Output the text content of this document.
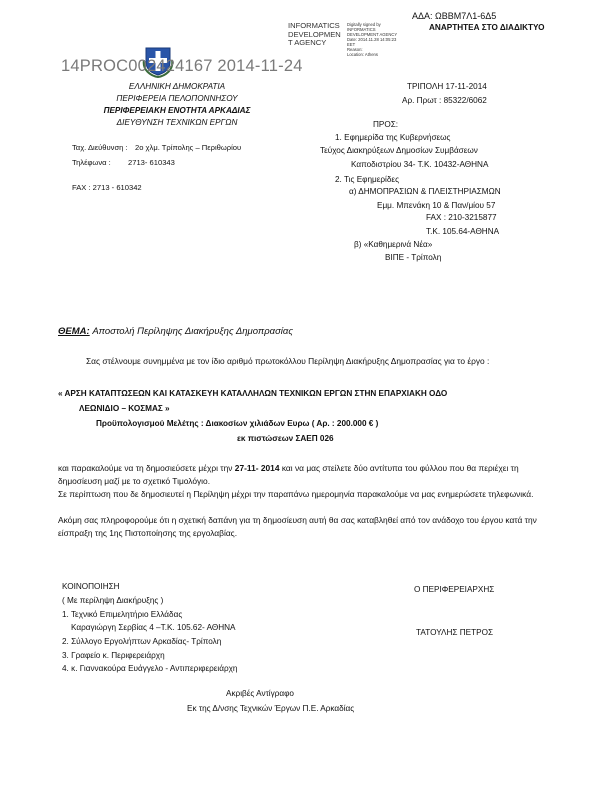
ΑΔΑ: ΩΒΒΜ7Λ1-6Δ5
ΑΝΑΡΤΗΤΕΑ ΣΤΟ ΔΙΑΔΙΚΤΥΟ
INFORMATICS
DEVELOPMEN
T AGENCY
Digitally signed by
INFORMATICS
DEVELOPMENT AGENCY
Date: 2014.11.28 14:05:23
EET
Reason:
Location: Athens
14PROC002424167 2014-11-24
ΕΛΛΗΝΙΚΗ ΔΗΜΟΚΡΑΤΙΑ
ΠΕΡΙΦΕΡΕΙΑ ΠΕΛΟΠΟΝΝΗΣΟΥ
ΠΕΡΙΦΕΡΕΙΑΚΗ ΕΝΟΤΗΤΑ ΑΡΚΑΔΙΑΣ
ΔΙΕΥΘΥΝΣΗ ΤΕΧΝΙΚΩΝ ΕΡΓΩΝ
Ταχ. Διεύθυνση : 2ο χλμ. Τρίπολης – Περιθωρίου
Τηλέφωνα : 2713- 610343
FAX : 2713 - 610342
ΤΡΙΠΟΛΗ 17-11-2014
Αρ. Πρωτ : 85322/6062
ΠΡΟΣ:
1. Εφημερίδα της Κυβερνήσεως
Τεύχος Διακηρύξεων Δημοσίων Συμβάσεων
Καποδιστρίου 34- Τ.Κ. 10432-ΑΘΗΝΑ
2. Τις Εφημερίδες
α) ΔΗΜΟΠΡΑΣΙΩΝ & ΠΛΕΙΣΤΗΡΙΑΣΜΩΝ
Εμμ. Μπενάκη 10 & Παν/μίου 57
FAX : 210-3215877
Τ.Κ. 105.64-ΑΘΗΝΑ
β) «Καθημερινά Νέα»
ΒΙΠΕ - Τρίπολη
ΘΕΜΑ: Αποστολή Περίληψης Διακήρυξης Δημοπρασίας
Σας στέλνουμε συνημμένα με τον ίδιο αριθμό πρωτοκόλλου Περίληψη Διακήρυξης Δημοπρασίας για το έργο :
« ΑΡΣΗ ΚΑΤΑΠΤΩΣΕΩΝ ΚΑΙ ΚΑΤΑΣΚΕΥΗ ΚΑΤΑΛΛΗΛΩΝ ΤΕΧΝΙΚΩΝ ΕΡΓΩΝ ΣΤΗΝ ΕΠΑΡΧΙΑΚΗ ΟΔΟ
ΛΕΩΝΙΔΙΟ – ΚΟΣΜΑΣ »
Προϋπολογισμού Μελέτης : Διακοσίων χιλιάδων Ευρω ( Αρ. : 200.000 € )
εκ πιστώσεων ΣΑΕΠ 026
και παρακαλούμε να τη δημοσιεύσετε μέχρι την 27-11- 2014 και να μας στείλετε δύο αντίτυπα του φύλλου που θα περιέχει τη δημοσίευση μαζί με το σχετικό Τιμολόγιο.
Σε περίπτωση που δε δημοσιευτεί η Περίληψη μέχρι την παραπάνω ημερομηνία παρακαλούμε να μας ενημερώσετε τηλεφωνικά.
Ακόμη σας πληροφορούμε ότι η σχετική δαπάνη για τη δημοσίευση αυτή θα σας καταβληθεί από τον ανάδοχο του έργου κατά την είσπραξη της 1ης Πιστοποίησης της εργολαβίας.
ΚΟΙΝΟΠΟΙΗΣΗ
( Με περίληψη Διακήρυξης )
1. Τεχνικό Επιμελητήριο Ελλάδας
Καραγιώργη Σερβίας 4 –Τ.Κ. 105.62- ΑΘΗΝΑ
2. Σύλλογο Εργολήπτων Αρκαδίας- Τρίπολη
3. Γραφείο κ. Περιφερειάρχη
4. κ. Γιαννακούρα Ευάγγελο - Αντιπεριφερειάρχη
Ο ΠΕΡΙΦΕΡΕΙΑΡΧΗΣ
ΤΑΤΟΥΛΗΣ ΠΕΤΡΟΣ
Ακριβές Αντίγραφο
Εκ της Δ/νσης Τεχνικών Έργων Π.Ε. Αρκαδίας
